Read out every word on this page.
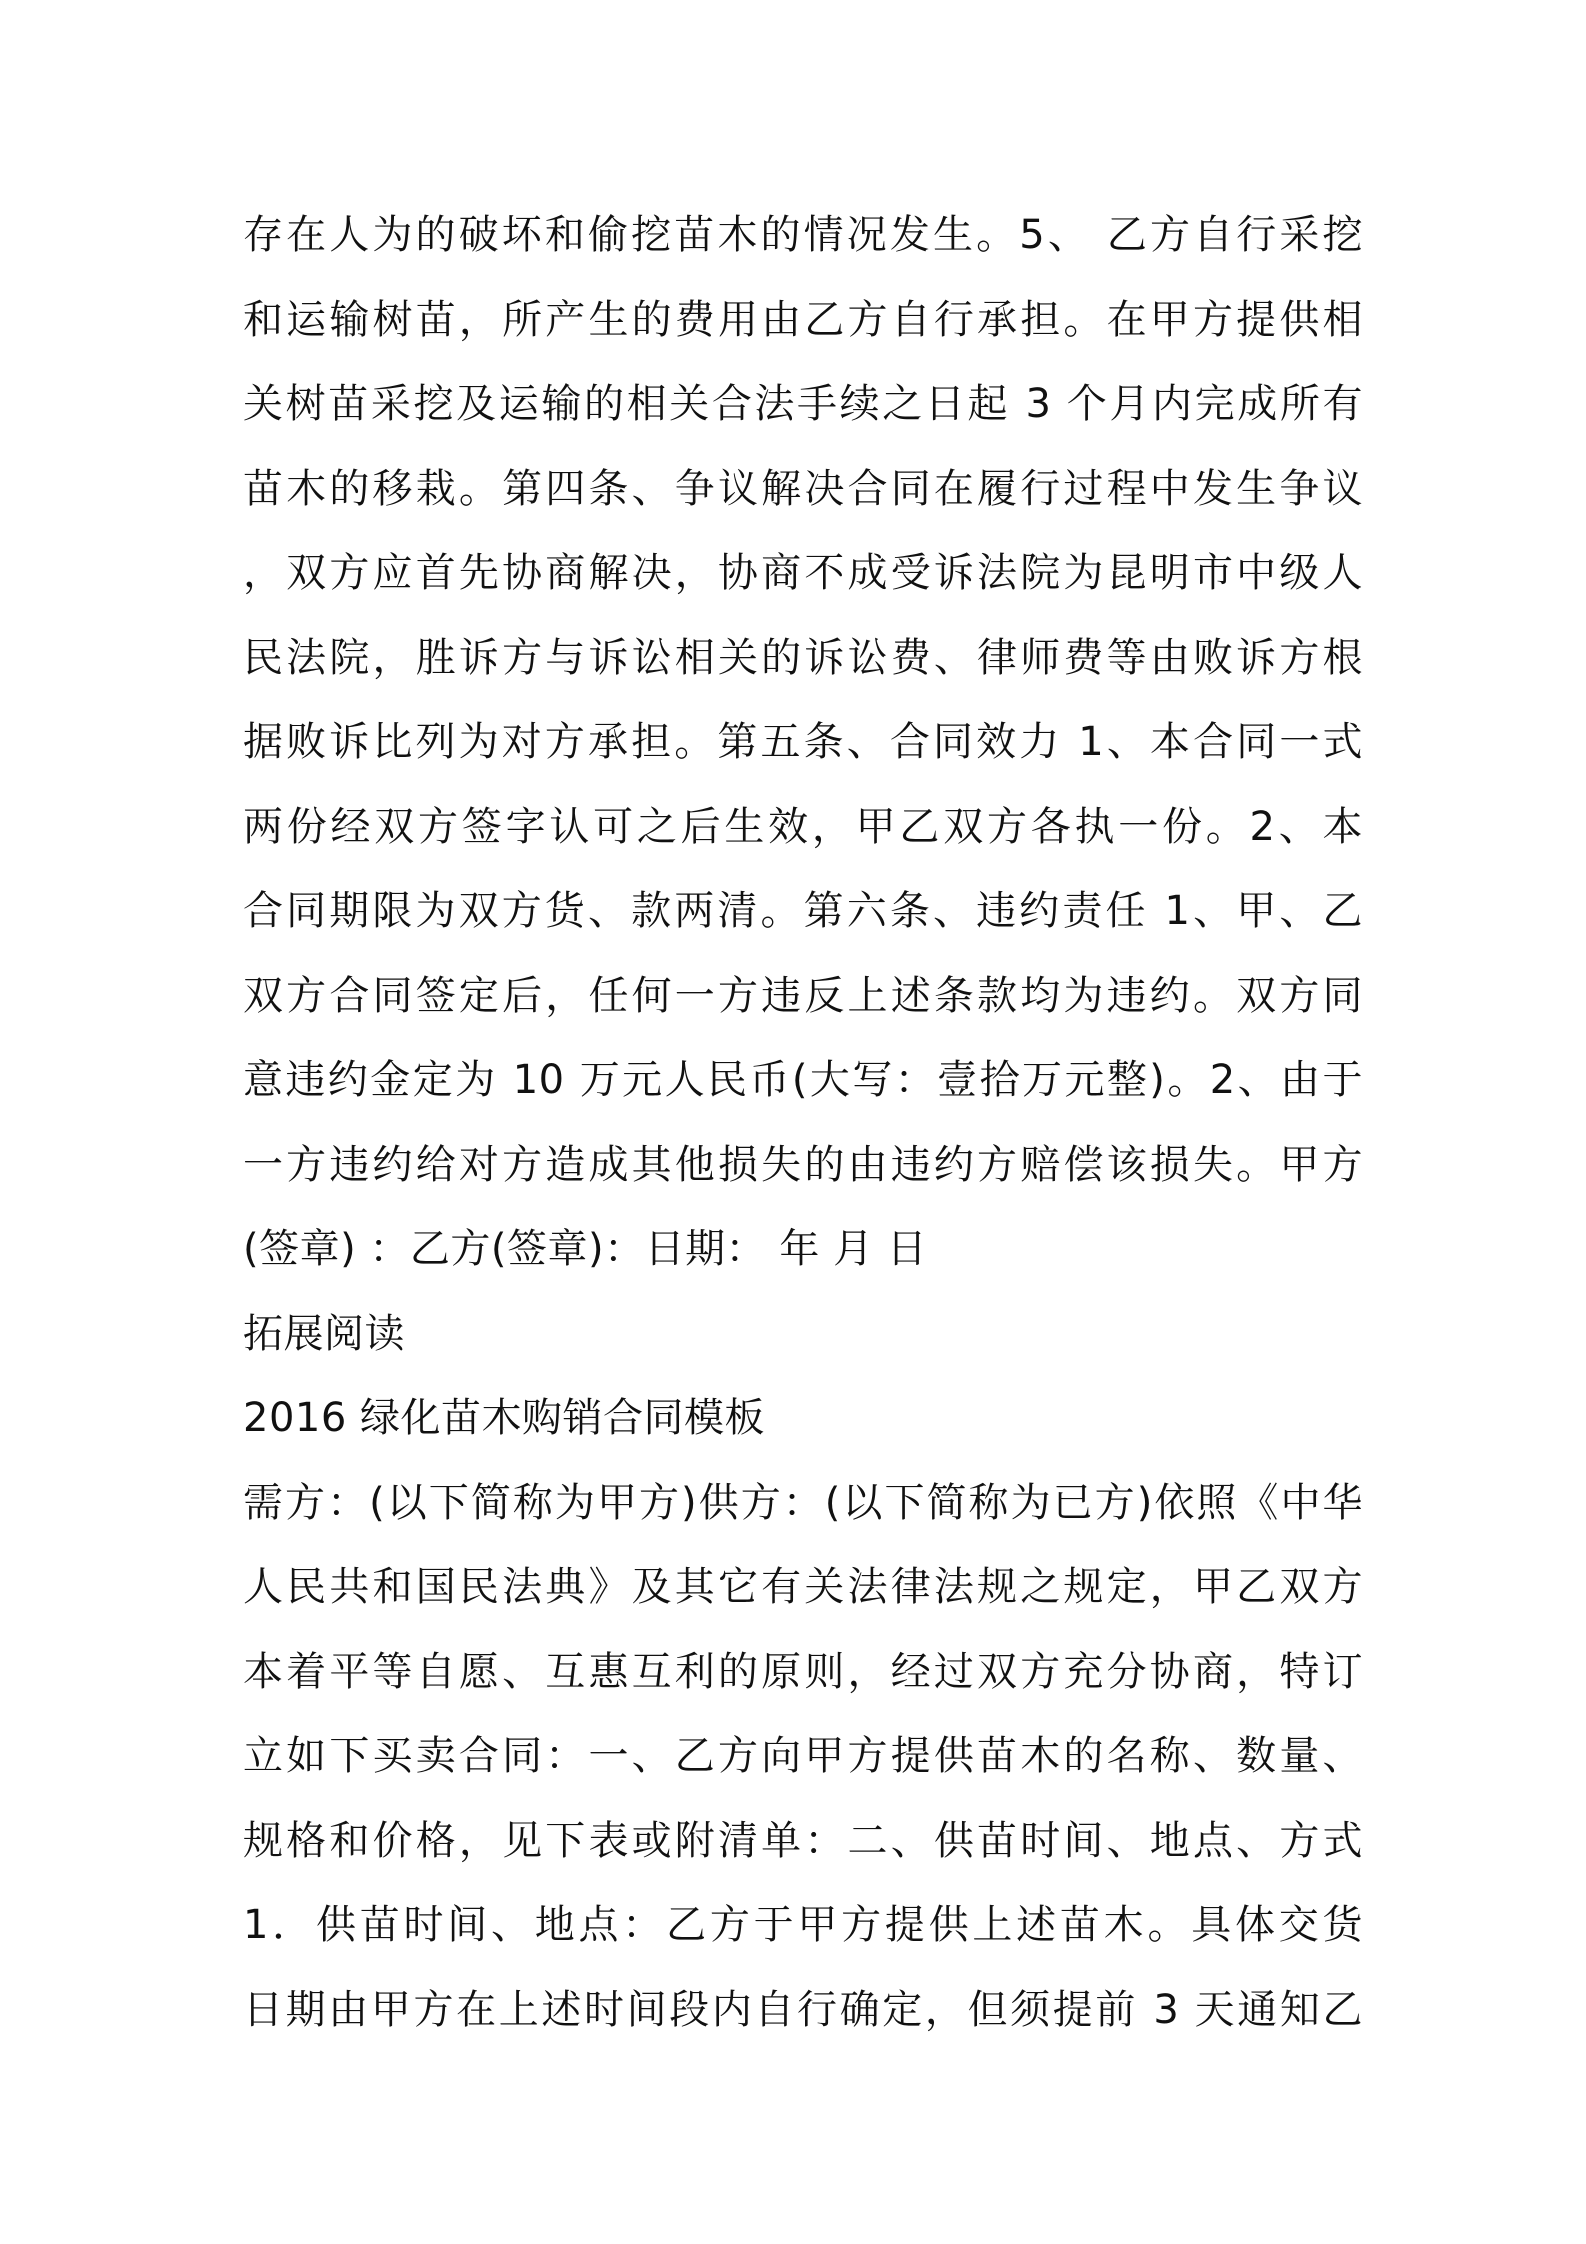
存在人为的破坏和偷挖苗木的情况发生。5、 乙方自行采挖
和运输树苗，所产生的费用由乙方自行承担。在甲方提供相
关树苗采挖及运输的相关合法手续之日起 3 个月内完成所有
苗木的移栽。第四条、争议解决合同在履行过程中发生争议
，双方应首先协商解决，协商不成受诉法院为昆明市中级人
民法院，胜诉方与诉讼相关的诉讼费、律师费等由败诉方根
据败诉比列为对方承担。第五条、合同效力 1、本合同一式
两份经双方签字认可之后生效，甲乙双方各执一份。2、本
合同期限为双方货、款两清。第六条、违约责任 1、甲、乙
双方合同签定后，任何一方违反上述条款均为违约。双方同
意违约金定为 10 万元人民币(大写：壹拾万元整)。2、由于
一方违约给对方造成其他损失的由违约方赔偿该损失。甲方
(签章) ：乙方(签章)：日期： 年 月 日
拓展阅读
2016 绿化苗木购销合同模板
需方：(以下简称为甲方)供方：(以下简称为已方)依照《中华
人民共和国民法典》及其它有关法律法规之规定，甲乙双方
本着平等自愿、互惠互利的原则，经过双方充分协商，特订
立如下买卖合同：一、乙方向甲方提供苗木的名称、数量、
规格和价格，见下表或附清单：二、供苗时间、地点、方式
1．供苗时间、地点：乙方于甲方提供上述苗木。具体交货
日期由甲方在上述时间段内自行确定，但须提前 3 天通知乙
